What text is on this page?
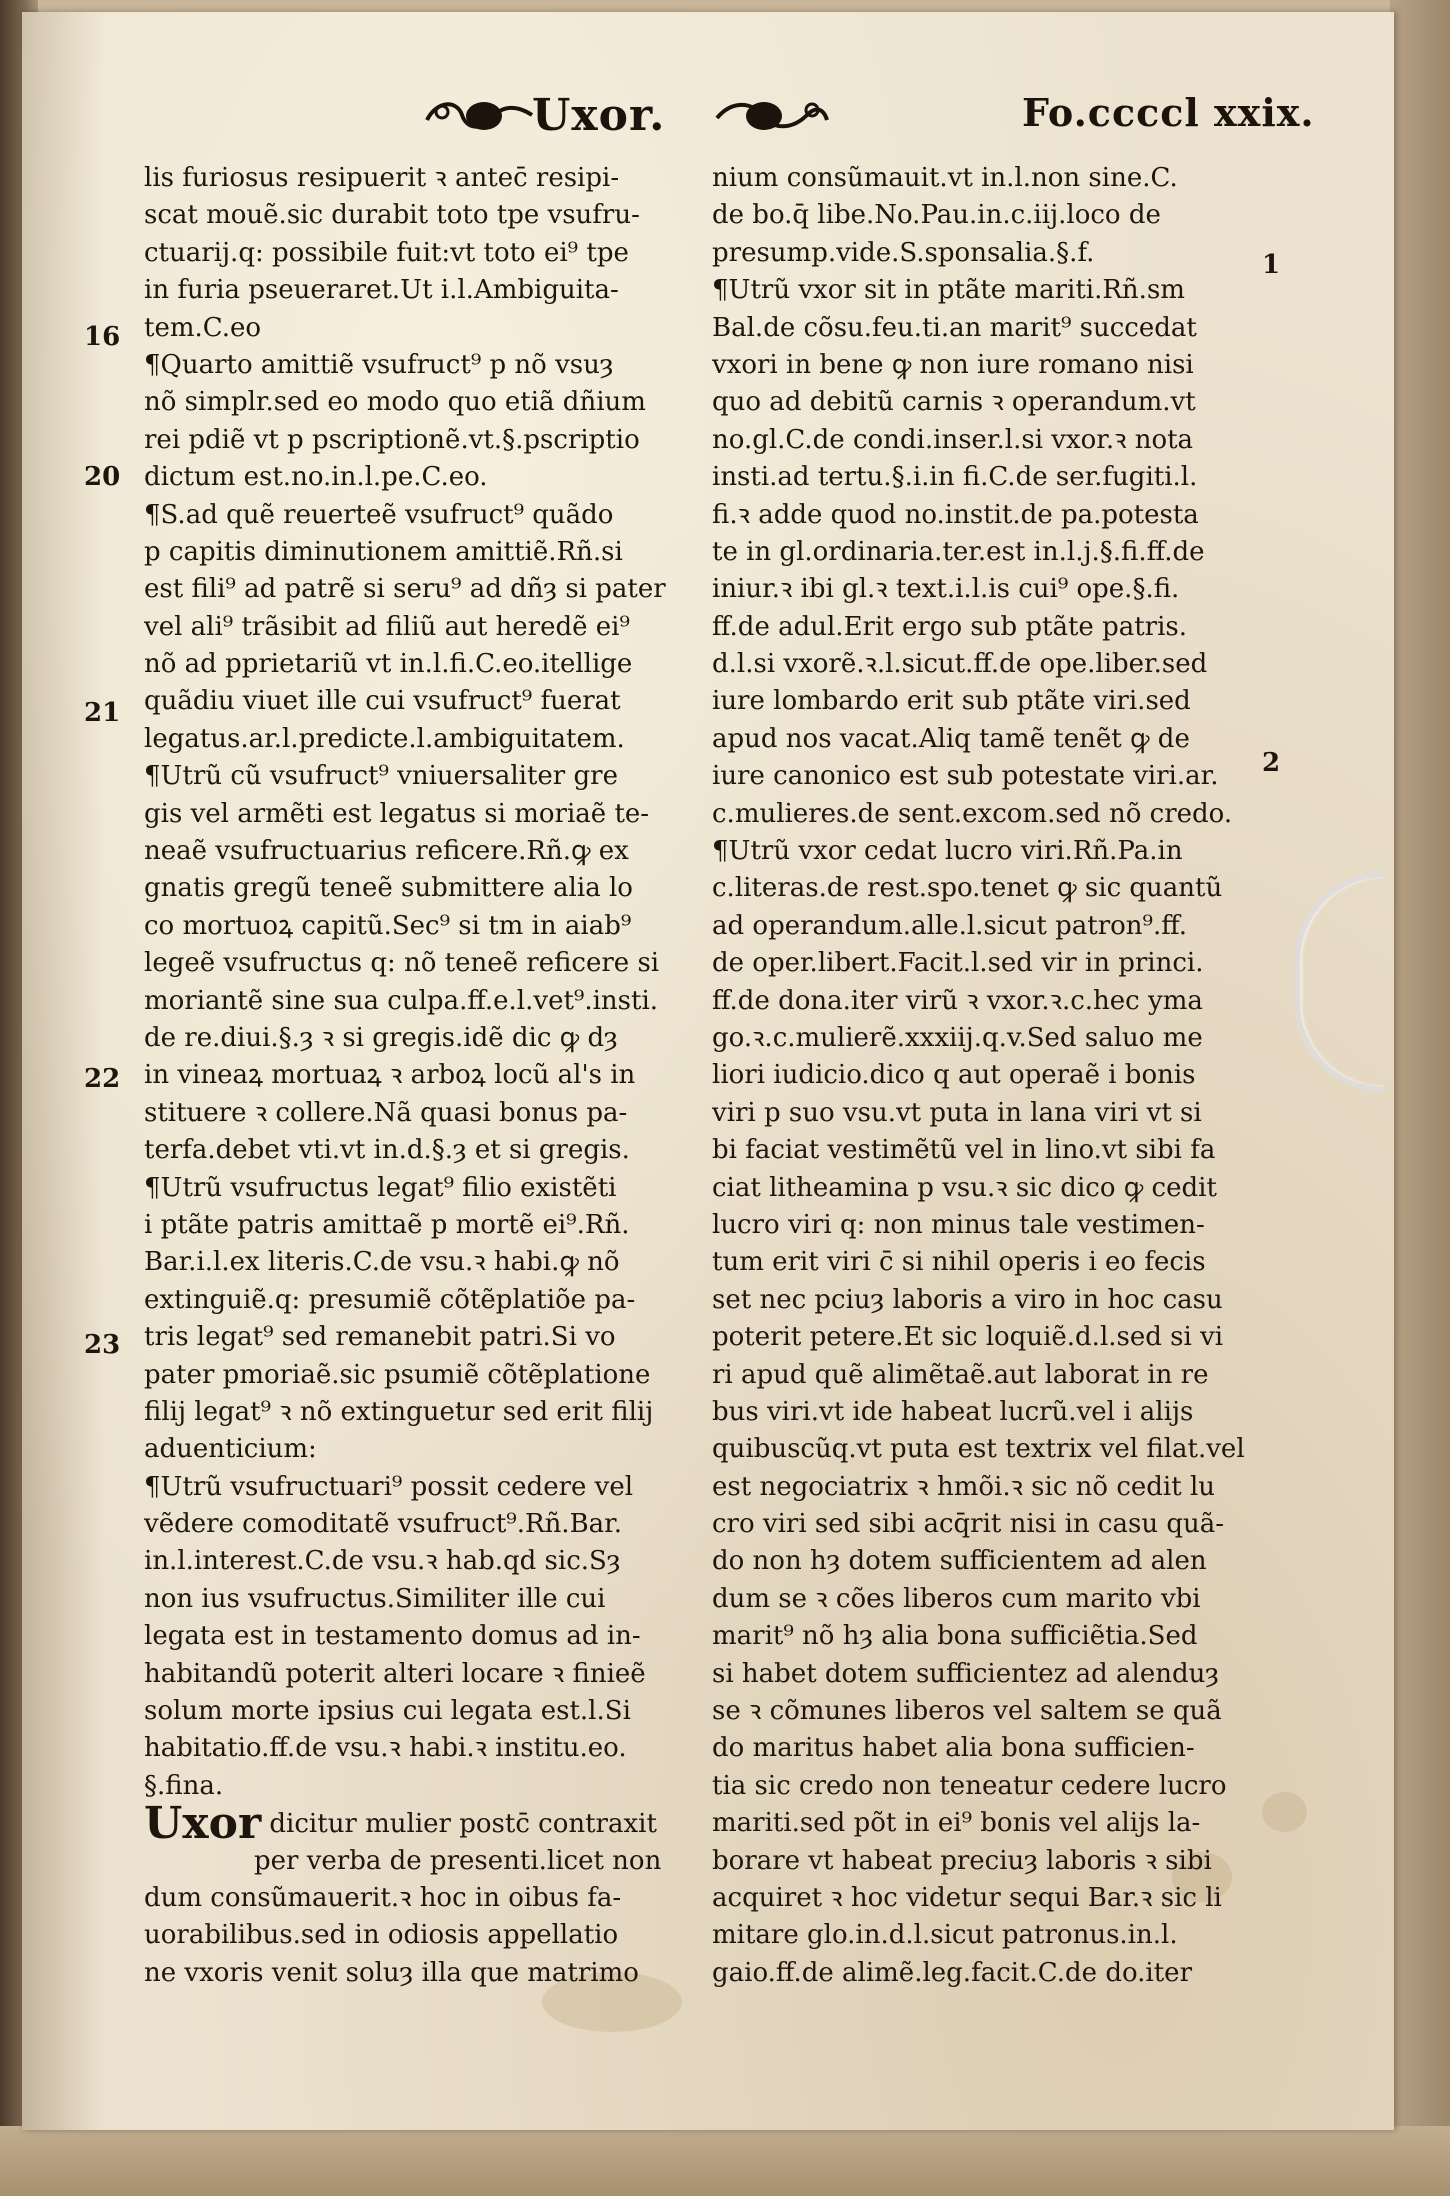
Uxor.	Fo.ccccl xxix.
16
20
21
22
23
1
2
lis furiosus resipuerit ꝛ antec̄ resipi-
scat mouẽ.sic durabit toto tpe vsufru-
ctuarij.q: possibile fuit:vt toto ei⁹ tpe
in furia pseueraret.Ut i.l.Ambiguita-
tem.C.eo
¶Quarto amittiẽ vsufruct⁹ p nõ vsuȝ
nõ simplr.sed eo modo quo etiã dñium
rei pdiẽ vt p pscriptionẽ.vt.§.pscriptio
dictum est.no.in.l.pe.C.eo.
¶S.ad quẽ reuerteẽ vsufruct⁹ quãdo
p capitis diminutionem amittiẽ.Rñ.si
est fili⁹ ad patrẽ si seru⁹ ad dñȝ si pater
vel ali⁹ trãsibit ad filiũ aut heredẽ ei⁹
nõ ad pprietariũ vt in.l.fi.C.eo.itellige
quãdiu viuet ille cui vsufruct⁹ fuerat
legatus.ar.l.predicte.l.ambiguitatem.
¶Utrũ cũ vsufruct⁹ vniuersaliter gre
gis vel armẽti est legatus si moriaẽ te-
neaẽ vsufructuarius reficere.Rñ.ꝙ ex
gnatis gregũ teneẽ submittere alia lo
co mortuoꝝ capitũ.Sec⁹ si tm in aiab⁹
legeẽ vsufructus q: nõ teneẽ reficere si
moriantẽ sine sua culpa.ff.e.l.vet⁹.insti.
de re.diui.§.ȝ ꝛ si gregis.idẽ dic ꝙ dȝ
in vineaꝝ mortuaꝝ ꝛ arboꝝ locũ al's in
stituere ꝛ collere.Nã quasi bonus pa-
terfa.debet vti.vt in.d.§.ȝ et si gregis.
¶Utrũ vsufructus legat⁹ filio existẽti
i ptãte patris amittaẽ p mortẽ ei⁹.Rñ.
Bar.i.l.ex literis.C.de vsu.ꝛ habi.ꝙ nõ
extinguiẽ.q: presumiẽ cõtẽplatiõe pa-
tris legat⁹ sed remanebit patri.Si vo
pater pmoriaẽ.sic psumiẽ cõtẽplatione
filij legat⁹ ꝛ nõ extinguetur sed erit filij
aduenticium:
¶Utrũ vsufructuari⁹ possit cedere vel
vẽdere comoditatẽ vsufruct⁹.Rñ.Bar.
in.l.interest.C.de vsu.ꝛ hab.qd sic.Sȝ
non ius vsufructus.Similiter ille cui
legata est in testamento domus ad in-
habitandũ poterit alteri locare ꝛ finieẽ
solum morte ipsius cui legata est.l.Si
habitatio.ff.de vsu.ꝛ habi.ꝛ institu.eo.
§.fina.
Uxor dicitur mulier postc̄ contraxit
per verba de presenti.licet non
dum consũmauerit.ꝛ hoc in oibus fa-
uorabilibus.sed in odiosis appellatio
ne vxoris venit soluȝ illa que matrimo
nium consũmauit.vt in.l.non sine.C.
de bo.q̄ libe.No.Pau.in.c.iij.loco de
presump.vide.S.sponsalia.§.f.
¶Utrũ vxor sit in ptãte mariti.Rñ.sm
Bal.de cõsu.feu.ti.an marit⁹ succedat
vxori in bene ꝙ non iure romano nisi
quo ad debitũ carnis ꝛ operandum.vt
no.gl.C.de condi.inser.l.si vxor.ꝛ nota
insti.ad tertu.§.i.in fi.C.de ser.fugiti.l.
fi.ꝛ adde quod no.instit.de pa.potesta
te in gl.ordinaria.ter.est in.l.j.§.fi.ff.de
iniur.ꝛ ibi gl.ꝛ text.i.l.is cui⁹ ope.§.fi.
ff.de adul.Erit ergo sub ptãte patris.
d.l.si vxorẽ.ꝛ.l.sicut.ff.de ope.liber.sed
iure lombardo erit sub ptãte viri.sed
apud nos vacat.Aliq tamẽ tenẽt ꝙ de
iure canonico est sub potestate viri.ar.
c.mulieres.de sent.excom.sed nõ credo.
¶Utrũ vxor cedat lucro viri.Rñ.Pa.in
c.literas.de rest.spo.tenet ꝙ sic quantũ
ad operandum.alle.l.sicut patron⁹.ff.
de oper.libert.Facit.l.sed vir in princi.
ff.de dona.iter virũ ꝛ vxor.ꝛ.c.hec yma
go.ꝛ.c.mulierẽ.xxxiij.q.v.Sed saluo me
liori iudicio.dico q aut operaẽ i bonis
viri p suo vsu.vt puta in lana viri vt si
bi faciat vestimẽtũ vel in lino.vt sibi fa
ciat litheamina p vsu.ꝛ sic dico ꝙ cedit
lucro viri q: non minus tale vestimen-
tum erit viri c̄ si nihil operis i eo fecis
set nec pciuȝ laboris a viro in hoc casu
poterit petere.Et sic loquiẽ.d.l.sed si vi
ri apud quẽ alimẽtaẽ.aut laborat in re
bus viri.vt ide habeat lucrũ.vel i alijs
quibuscũq.vt puta est textrix vel filat.vel
est negociatrix ꝛ hmõi.ꝛ sic nõ cedit lu
cro viri sed sibi acq̄rit nisi in casu quã-
do non hȝ dotem sufficientem ad alen
dum se ꝛ cões liberos cum marito vbi
marit⁹ nõ hȝ alia bona sufficiẽtia.Sed
si habet dotem sufficientez ad alenduȝ
se ꝛ cõmunes liberos vel saltem se quã
do maritus habet alia bona sufficien-
tia sic credo non teneatur cedere lucro
mariti.sed põt in ei⁹ bonis vel alijs la-
borare vt habeat preciuȝ laboris ꝛ sibi
acquiret ꝛ hoc videtur sequi Bar.ꝛ sic li
mitare glo.in.d.l.sicut patronus.in.l.
gaio.ff.de alimẽ.leg.facit.C.de do.iter
